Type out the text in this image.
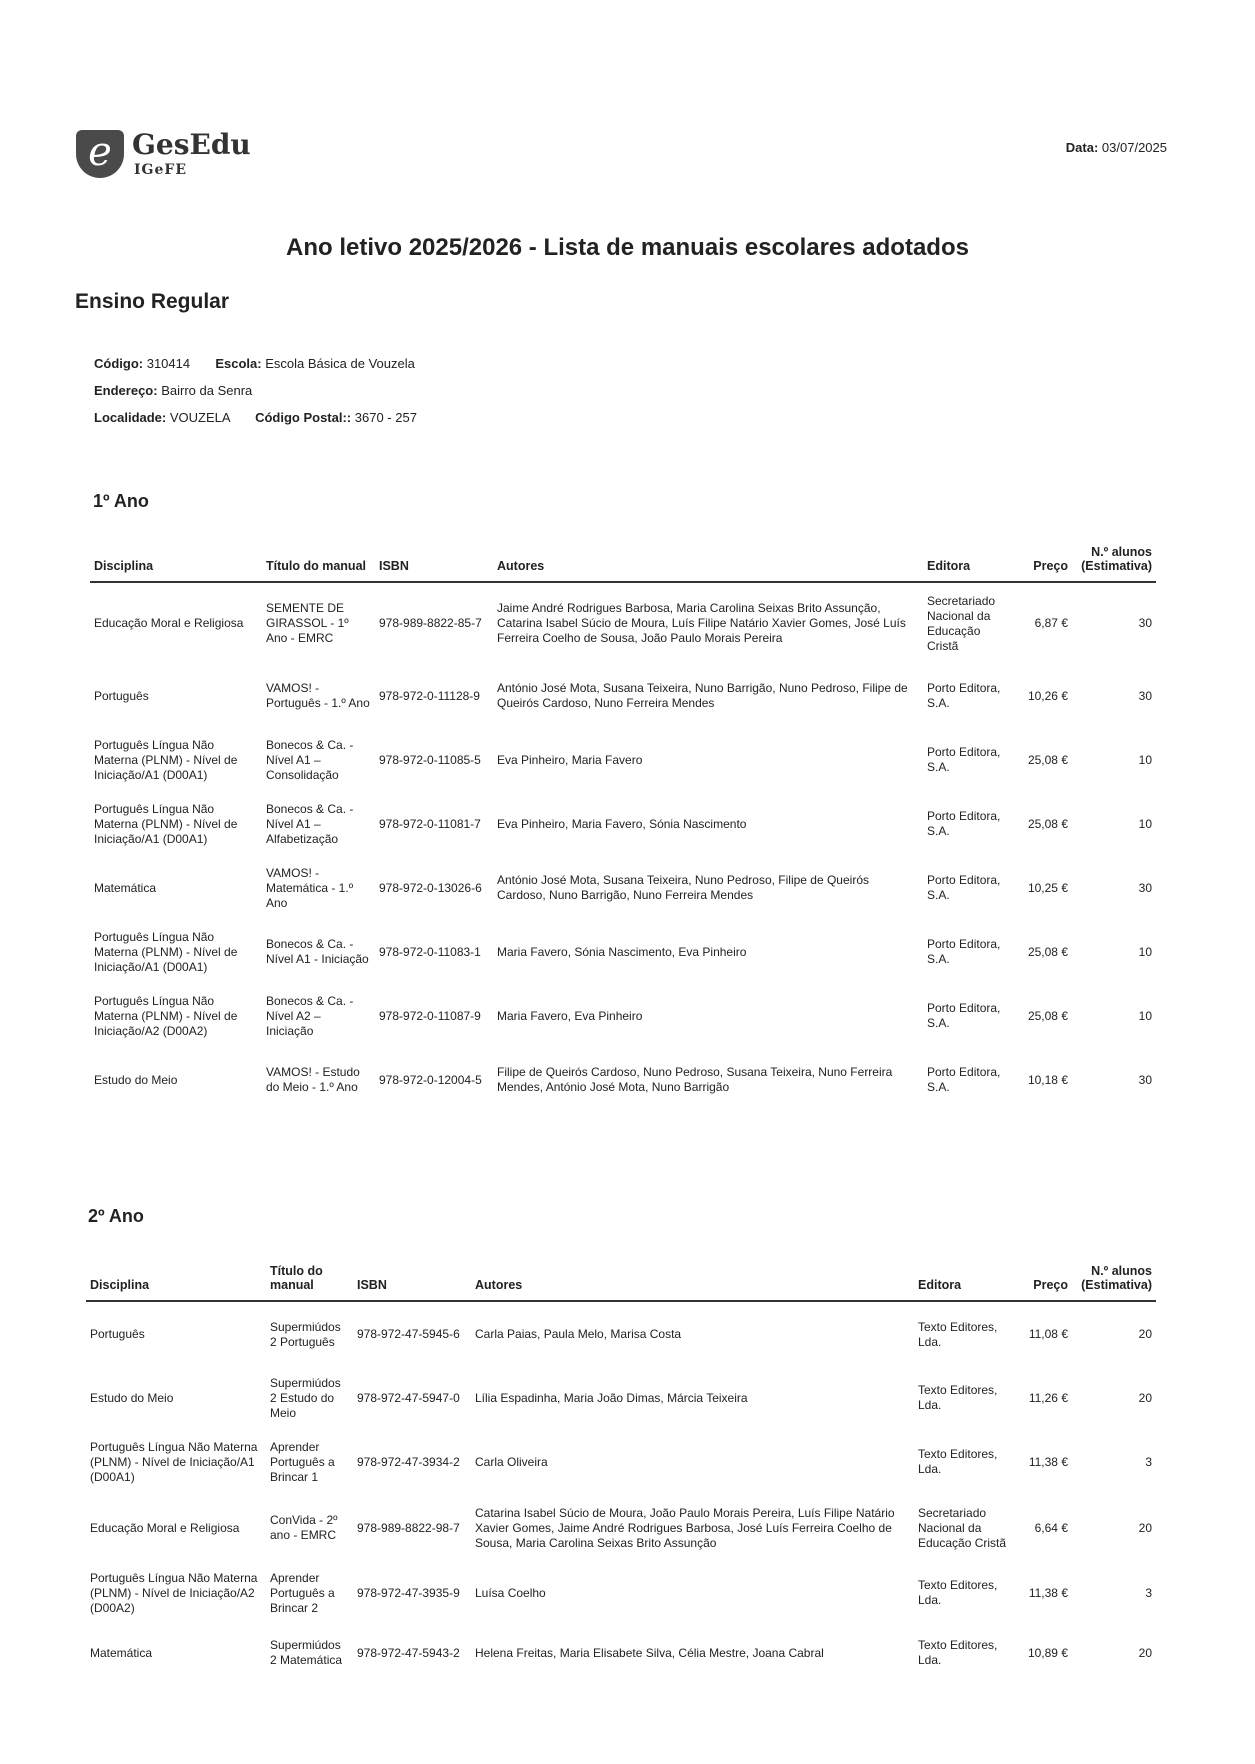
e GesEdu
IGeFE
Data: 03/07/2025
Ano letivo 2025/2026 - Lista de manuais escolares adotados
Ensino Regular
Código: 310414 Escola: Escola Básica de Vouzela
Endereço: Bairro da Senra
Localidade: VOUZELA Código Postal:: 3670 - 257
1º Ano
Disciplina	Título do manual	ISBN	Autores	Editora	Preço	N.º alunos (Estimativa)
Educação Moral e Religiosa	SEMENTE DE GIRASSOL - 1º Ano - EMRC	978-989-8822-85-7	Jaime André Rodrigues Barbosa, Maria Carolina Seixas Brito Assunção, Catarina Isabel Súcio de Moura, Luís Filipe Natário Xavier Gomes, José Luís Ferreira Coelho de Sousa, João Paulo Morais Pereira	Secretariado Nacional da Educação Cristã	6,87 €	30
Português	VAMOS! - Português - 1.º Ano	978-972-0-11128-9	António José Mota, Susana Teixeira, Nuno Barrigão, Nuno Pedroso, Filipe de Queirós Cardoso, Nuno Ferreira Mendes	Porto Editora, S.A.	10,26 €	30
Português Língua Não Materna (PLNM) - Nível de Iniciação/A1 (D00A1)	Bonecos & Ca. - Nível A1 – Consolidação	978-972-0-11085-5	Eva Pinheiro, Maria Favero	Porto Editora, S.A.	25,08 €	10
Português Língua Não Materna (PLNM) - Nível de Iniciação/A1 (D00A1)	Bonecos & Ca. - Nível A1 – Alfabetização	978-972-0-11081-7	Eva Pinheiro, Maria Favero, Sónia Nascimento	Porto Editora, S.A.	25,08 €	10
Matemática	VAMOS! - Matemática - 1.º Ano	978-972-0-13026-6	António José Mota, Susana Teixeira, Nuno Pedroso, Filipe de Queirós Cardoso, Nuno Barrigão, Nuno Ferreira Mendes	Porto Editora, S.A.	10,25 €	30
Português Língua Não Materna (PLNM) - Nível de Iniciação/A1 (D00A1)	Bonecos & Ca. - Nível A1 - Iniciação	978-972-0-11083-1	Maria Favero, Sónia Nascimento, Eva Pinheiro	Porto Editora, S.A.	25,08 €	10
Português Língua Não Materna (PLNM) - Nível de Iniciação/A2 (D00A2)	Bonecos & Ca. - Nível A2 – Iniciação	978-972-0-11087-9	Maria Favero, Eva Pinheiro	Porto Editora, S.A.	25,08 €	10
Estudo do Meio	VAMOS! - Estudo do Meio - 1.º Ano	978-972-0-12004-5	Filipe de Queirós Cardoso, Nuno Pedroso, Susana Teixeira, Nuno Ferreira Mendes, António José Mota, Nuno Barrigão	Porto Editora, S.A.	10,18 €	30
2º Ano
Disciplina	Título do manual	ISBN	Autores	Editora	Preço	N.º alunos (Estimativa)
Português	Supermiúdos 2 Português	978-972-47-5945-6	Carla Paias, Paula Melo, Marisa Costa	Texto Editores, Lda.	11,08 €	20
Estudo do Meio	Supermiúdos 2 Estudo do Meio	978-972-47-5947-0	Lília Espadinha, Maria João Dimas, Márcia Teixeira	Texto Editores, Lda.	11,26 €	20
Português Língua Não Materna (PLNM) - Nível de Iniciação/A1 (D00A1)	Aprender Português a Brincar 1	978-972-47-3934-2	Carla Oliveira	Texto Editores, Lda.	11,38 €	3
Educação Moral e Religiosa	ConVida - 2º ano - EMRC	978-989-8822-98-7	Catarina Isabel Súcio de Moura, João Paulo Morais Pereira, Luís Filipe Natário Xavier Gomes, Jaime André Rodrigues Barbosa, José Luís Ferreira Coelho de Sousa, Maria Carolina Seixas Brito Assunção	Secretariado Nacional da Educação Cristã	6,64 €	20
Português Língua Não Materna (PLNM) - Nível de Iniciação/A2 (D00A2)	Aprender Português a Brincar 2	978-972-47-3935-9	Luísa Coelho	Texto Editores, Lda.	11,38 €	3
Matemática	Supermiúdos 2 Matemática	978-972-47-5943-2	Helena Freitas, Maria Elisabete Silva, Célia Mestre, Joana Cabral	Texto Editores, Lda.	10,89 €	20
